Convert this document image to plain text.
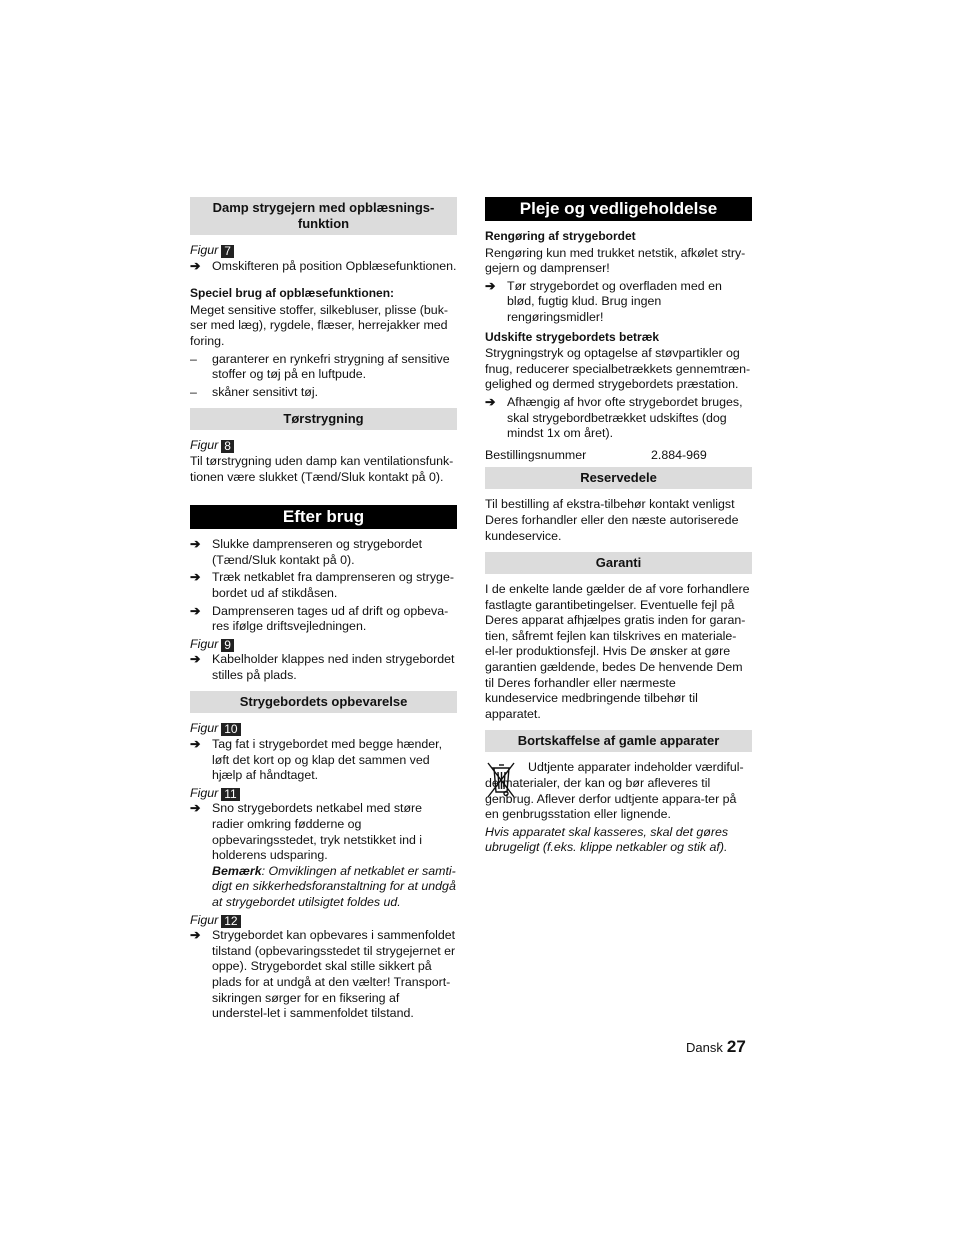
Damp strygejern med opblæsnings-funktion
Figur 7
➔ Omskifteren på position Opblæsefunktionen.
Speciel brug af opblæsefunktionen:
Meget sensitive stoffer, silkebluser, plisse (buk-ser med læg), rygdele, flæser, herrejakker med foring.
– garanterer en rynkefri strygning af sensitive stoffer og tøj på en luftpude.
– skåner sensitivt tøj.
Tørstrygning
Figur 8
Til tørstrygning uden damp kan ventilationsfunk-tionen være slukket (Tænd/Sluk kontakt på 0).
Efter brug
➔ Slukke damprenseren og strygebordet (Tænd/Sluk kontakt på 0).
➔ Træk netkablet fra damprenseren og stryge-bordet ud af stikdåsen.
➔ Damprenseren tages ud af drift og opbeva-res ifølge driftsvejledningen.
Figur 9
➔ Kabelholder klappes ned inden strygebordet stilles på plads.
Strygebordets opbevarelse
Figur 10
➔ Tag fat i strygebordet med begge hænder, løft det kort op og klap det sammen ved hjælp af håndtaget.
Figur 11
➔ Sno strygebordets netkabel med støre radier omkring fødderne og opbevaringsstedet, tryk netstikket ind i holderens udsparing.
Bemærk: Omviklingen af netkablet er samti-digt en sikkerhedsforanstaltning for at undgå at strygebordet utilsigtet foldes ud.
Figur 12
➔ Strygebordet kan opbevares i sammenfoldet tilstand (opbevaringsstedet til strygejernet er oppe). Strygebordet skal stille sikkert på plads for at undgå at den vælter! Transport-sikringen sørger for en fiksering af understel-let i sammenfoldet tilstand.
Pleje og vedligeholdelse
Rengøring af strygebordet
Rengøring kun med trukket netstik, afkølet stry-gejern og damprenser!
➔ Tør strygebordet og overfladen med en blød, fugtig klud. Brug ingen rengøringsmidler!
Udskifte strygebordets betræk
Strygningstryk og optagelse af støvpartikler og fnug, reducerer specialbetrækkets gennemtræn-gelighed og dermed strygebordets præstation.
➔ Afhængig af hvor ofte strygebordet bruges, skal strygebordbetrækket udskiftes (dog mindst 1x om året).
Bestillingsnummer	2.884-969
Reservedele
Til bestilling af ekstra-tilbehør kontakt venligst Deres forhandler eller den næste autoriserede kundeservice.
Garanti
I de enkelte lande gælder de af vore forhandlere fastlagte garantibetingelser. Eventuelle fejl på Deres apparat afhjælpes gratis inden for garan-tien, såfremt fejlen kan tilskrives en materiale- el-ler produktionsfejl. Hvis De ønsker at gøre garantien gældende, bedes De henvende Dem til Deres forhandler eller nærmeste kundeservice medbringende tilbehør til apparatet.
Bortskaffelse af gamle apparater
Udtjente apparater indeholder værdiful-de materialer, der kan og bør afleveres til genbrug. Aflever derfor udtjente appara-ter på en genbrugsstation eller lignende.
Hvis apparatet skal kasseres, skal det gøres ubrugeligt (f.eks. klippe netkabler og stik af).
Dansk 27
